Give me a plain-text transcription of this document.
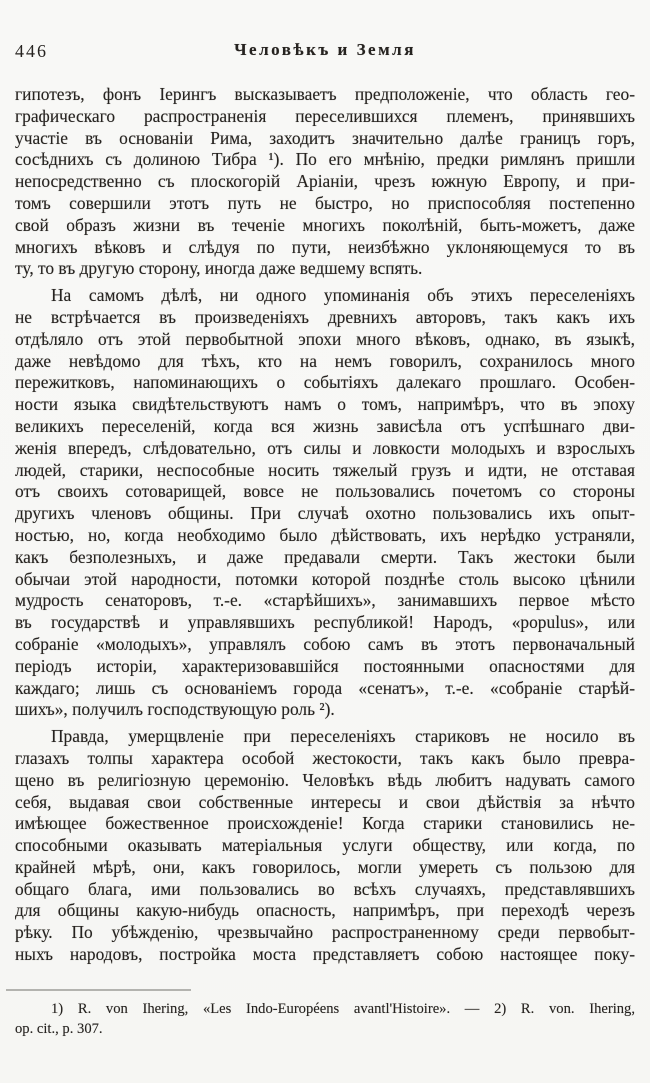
446	Человѣкъ и Земля
гипотезъ, фонъ Іерингъ высказываетъ предположеніе, что область гео-
графическаго распространенія переселившихся племенъ, принявшихъ
участіе въ основаніи Рима, заходитъ значительно далѣе границъ горъ,
сосѣднихъ съ долиною Тибра ¹). По его мнѣнію, предки римлянъ пришли
непосредственно съ плоскогорій Аріаніи, чрезъ южную Европу, и при-
томъ совершили этотъ путь не быстро, но приспособляя постепенно
свой образъ жизни въ теченіе многихъ поколѣній, быть-можетъ, даже
многихъ вѣковъ и слѣдуя по пути, неизбѣжно уклоняющемуся то въ
ту, то въ другую сторону, иногда даже ведшему вспять.
На самомъ дѣлѣ, ни одного упоминанія объ этихъ переселеніяхъ
не встрѣчается въ произведеніяхъ древнихъ авторовъ, такъ какъ ихъ
отдѣляло отъ этой первобытной эпохи много вѣковъ, однако, въ языкѣ,
даже невѣдомо для тѣхъ, кто на немъ говорилъ, сохранилось много
пережитковъ, напоминающихъ о событіяхъ далекаго прошлаго. Особен-
ности языка свидѣтельствуютъ намъ о томъ, напримѣръ, что въ эпоху
великихъ переселеній, когда вся жизнь зависѣла отъ успѣшнаго дви-
женія впередъ, слѣдовательно, отъ силы и ловкости молодыхъ и взрослыхъ
людей, старики, неспособные носить тяжелый грузъ и идти, не отставая
отъ своихъ сотоварищей, вовсе не пользовались почетомъ со стороны
другихъ членовъ общины. При случаѣ охотно пользовались ихъ опыт-
ностью, но, когда необходимо было дѣйствовать, ихъ нерѣдко устраняли,
какъ безполезныхъ, и даже предавали смерти. Такъ жестоки были
обычаи этой народности, потомки которой позднѣе столь высоко цѣнили
мудрость сенаторовъ, т.-е. «старѣйшихъ», занимавшихъ первое мѣсто
въ государствѣ и управлявшихъ республикой! Народъ, «populus», или
собраніе «молодыхъ», управлялъ собою самъ въ этотъ первоначальный
періодъ исторіи, характеризовавшійся постоянными опасностями для
каждаго; лишь съ основаніемъ города «сенатъ», т.-е. «собраніе старѣй-
шихъ», получилъ господствующую роль ²).
Правда, умерщвленіе при переселеніяхъ стариковъ не носило въ
глазахъ толпы характера особой жестокости, такъ какъ было превра-
щено въ религіозную церемонію. Человѣкъ вѣдь любитъ надувать самого
себя, выдавая свои собственные интересы и свои дѣйствія за нѣчто
имѣющее божественное происхожденіе! Когда старики становились не-
способными оказывать матеріальныя услуги обществу, или когда, по
крайней мѣрѣ, они, какъ говорилось, могли умереть съ пользою для
общаго блага, ими пользовались во всѣхъ случаяхъ, представлявшихъ
для общины какую-нибудь опасность, напримѣръ, при переходѣ черезъ
рѣку. По убѣжденію, чрезвычайно распространенному среди первобыт-
ныхъ народовъ, постройка моста представляетъ собою настоящее поку-
1) R. von Ihering, «Les Indo-Européens avantl'Histoire». — 2) R. von. Ihering,
op. cit., p. 307.
